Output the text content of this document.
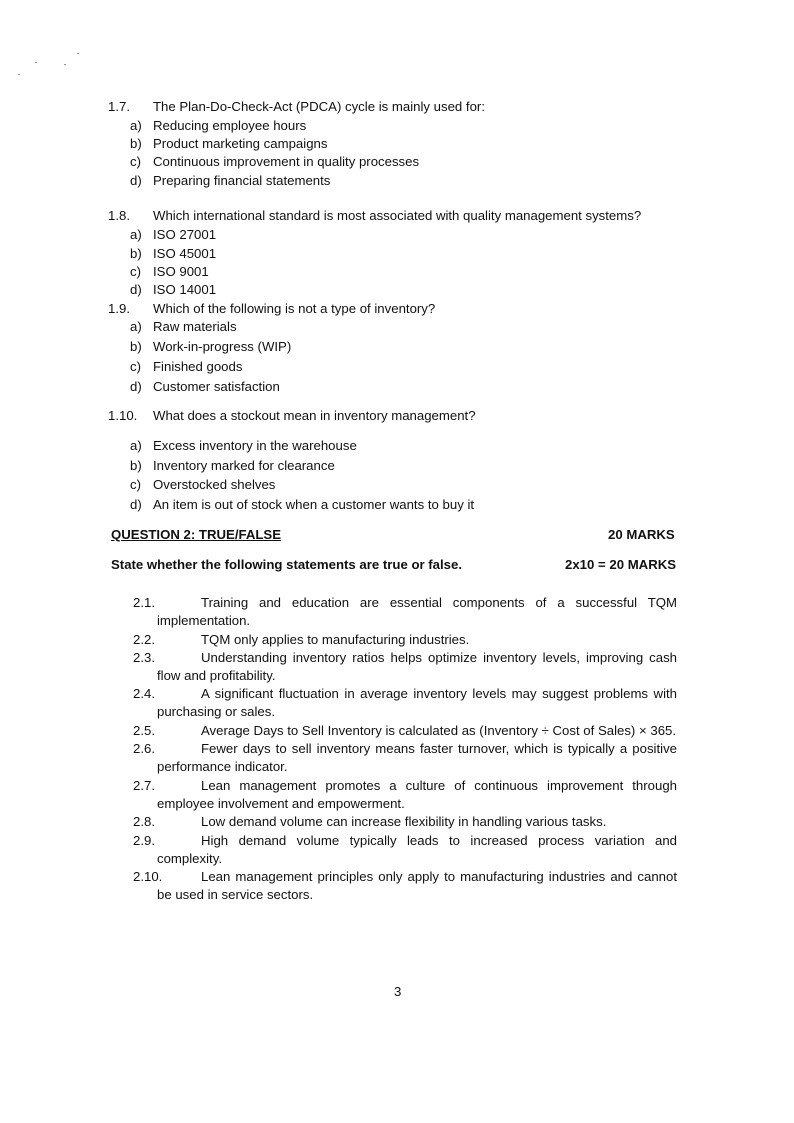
1.7. The Plan-Do-Check-Act (PDCA) cycle is mainly used for:
a) Reducing employee hours
b) Product marketing campaigns
c) Continuous improvement in quality processes
d) Preparing financial statements
1.8. Which international standard is most associated with quality management systems?
a) ISO 27001
b) ISO 45001
c) ISO 9001
d) ISO 14001
1.9. Which of the following is not a type of inventory?
a) Raw materials
b) Work-in-progress (WIP)
c) Finished goods
d) Customer satisfaction
1.10. What does a stockout mean in inventory management?
a) Excess inventory in the warehouse
b) Inventory marked for clearance
c) Overstocked shelves
d) An item is out of stock when a customer wants to buy it
QUESTION 2: TRUE/FALSE	20 MARKS
State whether the following statements are true or false.	2x10 = 20 MARKS
2.1.	Training and education are essential components of a successful TQM implementation.
2.2.	TQM only applies to manufacturing industries.
2.3.	Understanding inventory ratios helps optimize inventory levels, improving cash flow and profitability.
2.4.	A significant fluctuation in average inventory levels may suggest problems with purchasing or sales.
2.5.	Average Days to Sell Inventory is calculated as (Inventory ÷ Cost of Sales) × 365.
2.6.	Fewer days to sell inventory means faster turnover, which is typically a positive performance indicator.
2.7.	Lean management promotes a culture of continuous improvement through employee involvement and empowerment.
2.8.	Low demand volume can increase flexibility in handling various tasks.
2.9.	High demand volume typically leads to increased process variation and complexity.
2.10.	Lean management principles only apply to manufacturing industries and cannot be used in service sectors.
3
